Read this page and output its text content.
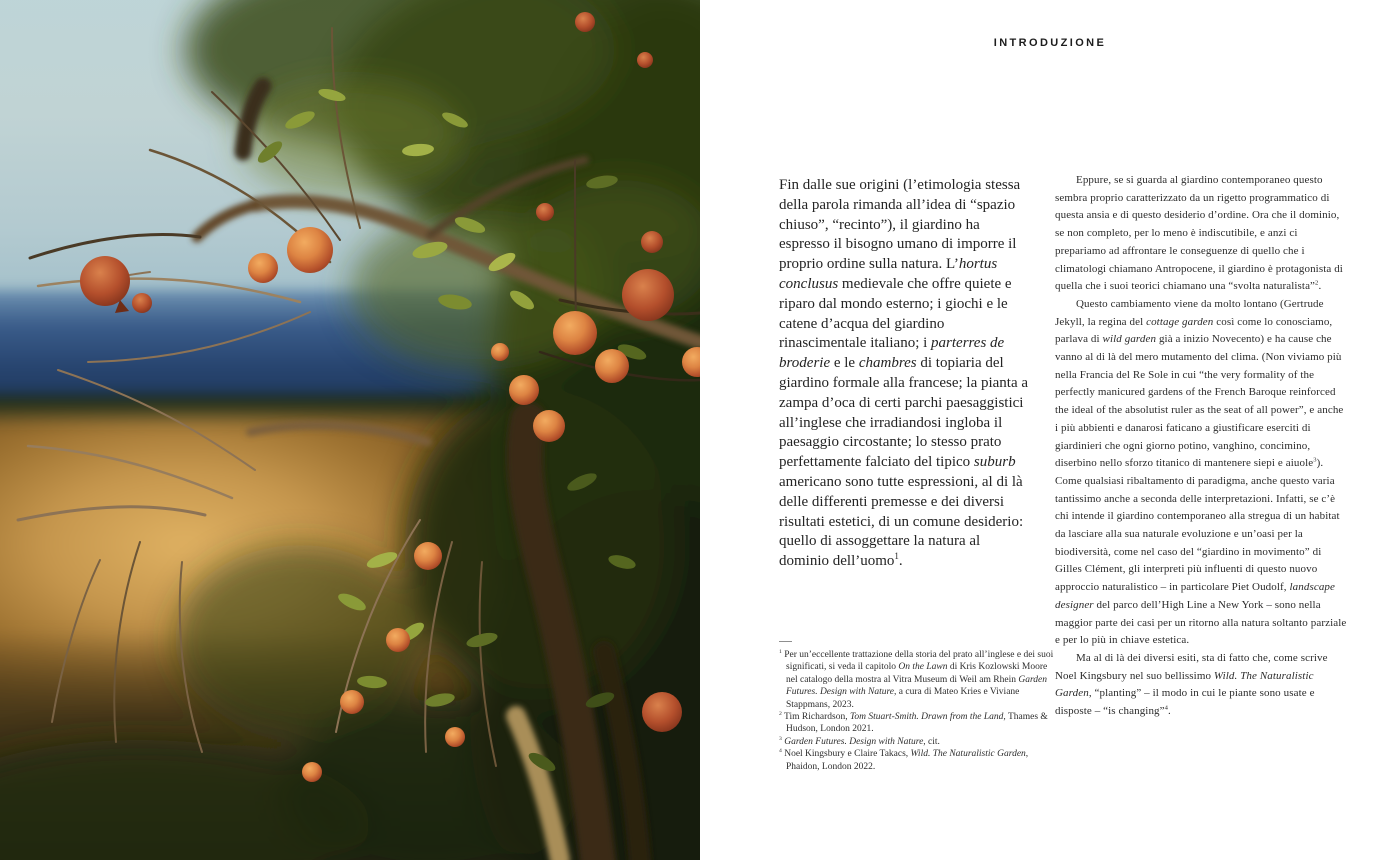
INTRODUZIONE

Fin dalle sue origini (l’etimologia stessa della parola rimanda all’idea di “spazio chiuso”, “recinto”), il giardino ha espresso il bisogno umano di imporre il proprio ordine sulla natura. L’hortus conclusus medievale che offre quiete e riparo dal mondo esterno; i giochi e le catene d’acqua del giardino rinascimentale italiano; i parterres de broderie e le chambres di topiaria del giardino formale alla francese; la pianta a zampa d’oca di certi parchi paesaggistici all’inglese che irradiandosi ingloba il paesaggio circostante; lo stesso prato perfettamente falciato del tipico suburb americano sono tutte espressioni, al di là delle differenti premesse e dei diversi risultati estetici, di un comune desiderio: quello di assoggettare la natura al dominio dell’uomo$^1$.

Eppure, se si guarda al giardino contemporaneo questo sembra proprio caratterizzato da un rigetto programmatico di questa ansia e di questo desiderio d’ordine. Ora che il dominio, se non completo, per lo meno è indiscutibile, e anzi ci prepariamo ad affrontare le conseguenze di quello che i climatologi chiamano Antropocene, il giardino è protagonista di quella che i suoi teorici chiamano una “svolta naturalista”$^2$.

Questo cambiamento viene da molto lontano (Gertrude Jekyll, la regina del cottage garden così come lo conosciamo, parlava di wild garden già a inizio Novecento) e ha cause che vanno al di là del mero mutamento del clima. (Non viviamo più nella Francia del Re Sole in cui “the very formality of the perfectly manicured gardens of the French Baroque reinforced the ideal of the absolutist ruler as the seat of all power”, e anche i più abbienti e danarosi faticano a giustificare eserciti di giardinieri che ogni giorno potino, vanghino, concimino, diserbino nello sforzo titanico di mantenere siepi e aiuole$^3$). Come qualsiasi ribaltamento di paradigma, anche questo varia tantissimo anche a seconda delle interpretazioni. Infatti, se c’è chi intende il giardino contemporaneo alla stregua di un habitat da lasciare alla sua naturale evoluzione e un’oasi per la biodiversità, come nel caso del “giardino in movimento” di Gilles Clément, gli interpreti più influenti di questo nuovo approccio naturalistico – in particolare Piet Oudolf, landscape designer del parco dell’High Line a New York – sono nella maggior parte dei casi per un ritorno alla natura soltanto parziale e per lo più in chiave estetica.

Ma al di là dei diversi esiti, sta di fatto che, come scrive Noel Kingsbury nel suo bellissimo Wild. The Naturalistic Garden, “planting” – il modo in cui le piante sono usate e disposte – “is changing”$^4$.

$^1$ Per un’eccellente trattazione della storia del prato all’inglese e dei suoi significati, si veda il capitolo On the Lawn di Kris Kozlowski Moore nel catalogo della mostra al Vitra Museum di Weil am Rhein Garden Futures. Design with Nature, a cura di Mateo Kries e Viviane Stappmans, 2023.

$^2$ Tim Richardson, Tom Stuart-Smith. Drawn from the Land, Thames & Hudson, London 2021.

$^3$ Garden Futures. Design with Nature, cit.

$^4$ Noel Kingsbury e Claire Takacs, Wild. The Naturalistic Garden, Phaidon, London 2022.
